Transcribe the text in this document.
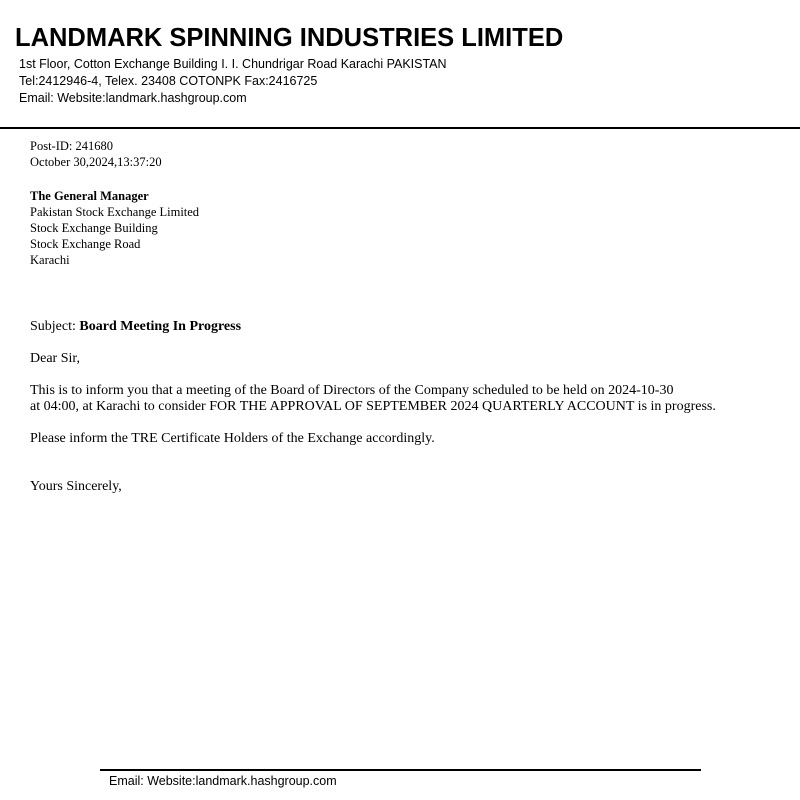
LANDMARK SPINNING INDUSTRIES LIMITED
1st Floor, Cotton Exchange Building I. I. Chundrigar Road Karachi PAKISTAN
Tel:2412946-4, Telex. 23408 COTONPK Fax:2416725
Email: Website:landmark.hashgroup.com
Post-ID: 241680
October 30,2024,13:37:20
The General Manager
Pakistan Stock Exchange Limited
Stock Exchange Building
Stock Exchange Road
Karachi
Subject: Board Meeting In Progress
Dear Sir,
This is to inform you that a meeting of the Board of Directors of the Company scheduled to be held on 2024-10-30
at 04:00, at Karachi to consider FOR THE APPROVAL OF SEPTEMBER 2024 QUARTERLY ACCOUNT is in progress.
Please inform the TRE Certificate Holders of the Exchange accordingly.
Yours Sincerely,
Email: Website:landmark.hashgroup.com
